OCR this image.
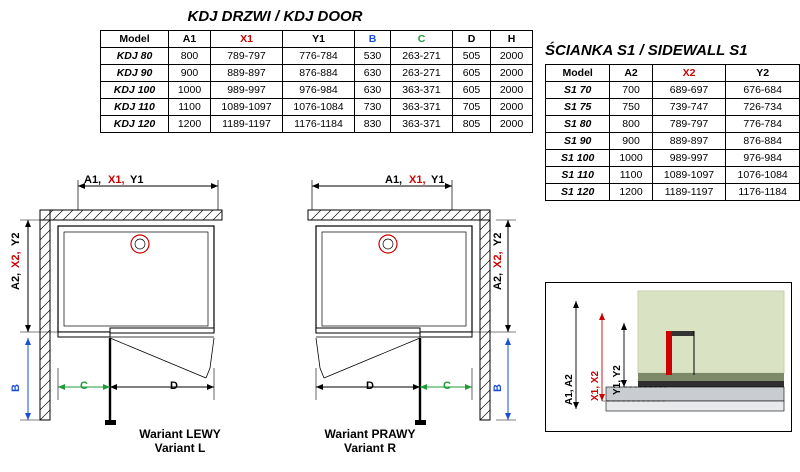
KDJ DRZWI / KDJ DOOR
Model	A1	X1	Y1	B	C	D	H
KDJ 80	800	789-797	776-784	530	263-271	505	2000
KDJ 90	900	889-897	876-884	630	263-271	605	2000
KDJ 100	1000	989-997	976-984	630	363-371	605	2000
KDJ 110	1100	1089-1097	1076-1084	730	363-371	705	2000
KDJ 120	1200	1189-1197	1176-1184	830	363-371	805	2000
ŚCIANKA S1 / SIDEWALL S1
Model	A2	X2	Y2
S1 70	700	689-697	676-684
S1 75	750	739-747	726-734
S1 80	800	789-797	776-784
S1 90	900	889-897	876-884
S1 100	1000	989-997	976-984
S1 110	1100	1089-1097	1076-1084
S1 120	1200	1189-1197	1176-1184
A1, X1, Y1
A2,
X2,
Y2
B	C	D
Wariant LEWY
Variant L
A1, X1, Y1
A2,
X2,
Y2
B
D	C
Wariant PRAWY
Variant R
A1, A2 X1, X2 Y1, Y2
